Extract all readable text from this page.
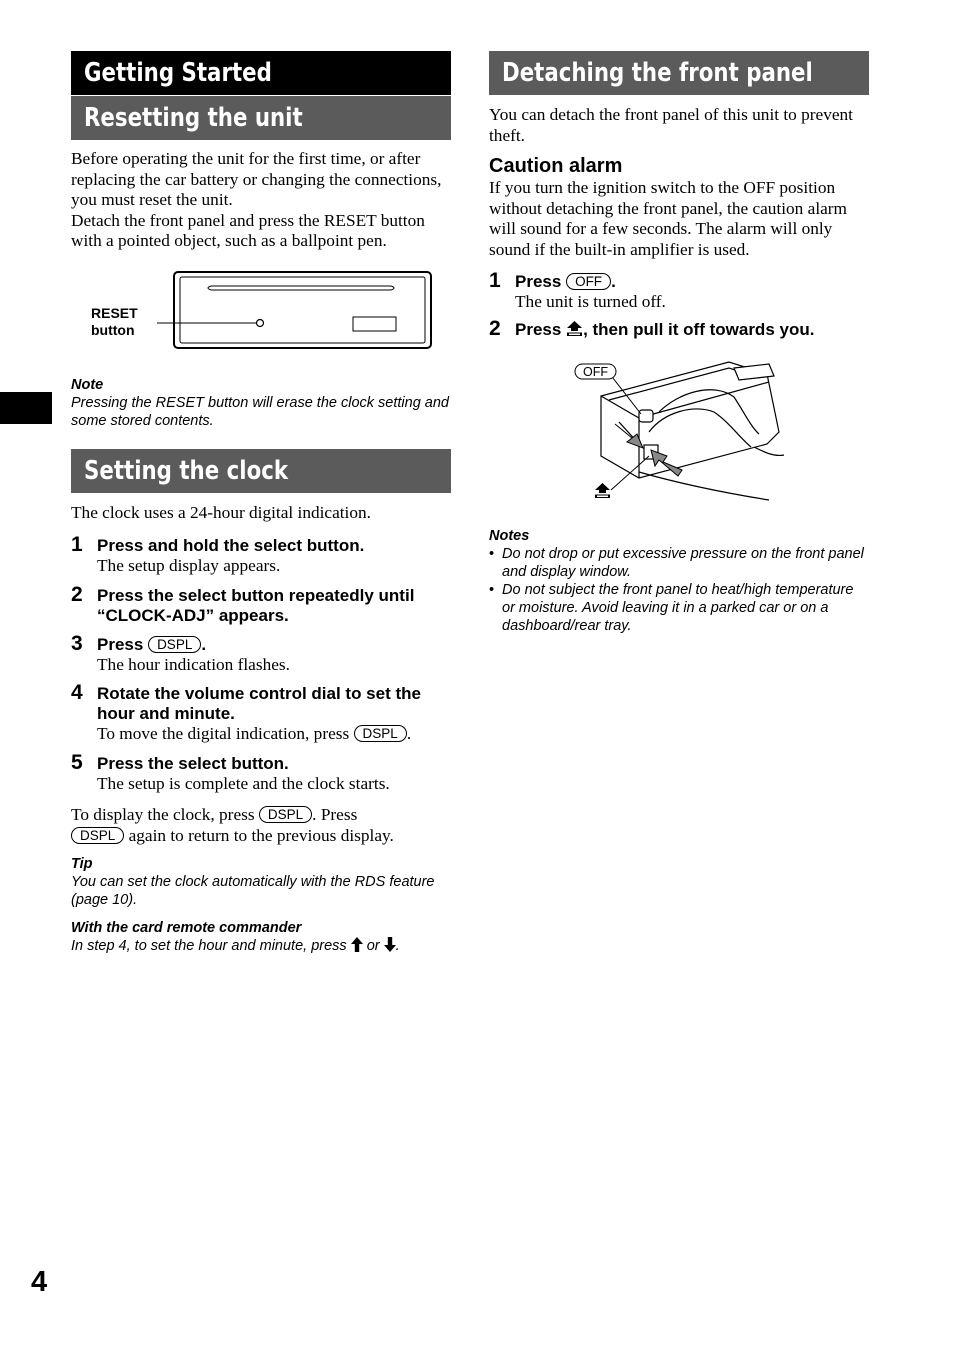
Getting Started
Resetting the unit
Before operating the unit for the first time, or after replacing the car battery or changing the connections, you must reset the unit.
Detach the front panel and press the RESET button with a pointed object, such as a ballpoint pen.
RESET
button
Note
Pressing the RESET button will erase the clock setting and some stored contents.
Setting the clock
The clock uses a 24-hour digital indication.
1 Press and hold the select button.
The setup display appears.
2 Press the select button repeatedly until “CLOCK-ADJ” appears.
3 Press DSPL .
The hour indication flashes.
4 Rotate the volume control dial to set the hour and minute.
To move the digital indication, press DSPL .
5 Press the select button.
The setup is complete and the clock starts.
To display the clock, press DSPL . Press
DSPL again to return to the previous display.
Tip
You can set the clock automatically with the RDS feature (page 10).
With the card remote commander
In step 4, to set the hour and minute, press or .
Detaching the front panel
You can detach the front panel of this unit to prevent theft.
Caution alarm
If you turn the ignition switch to the OFF position without detaching the front panel, the caution alarm will sound for a few seconds. The alarm will only sound if the built-in amplifier is used.
1 Press OFF .
The unit is turned off.
2 Press , then pull it off towards you.
OFF
Notes
• Do not drop or put excessive pressure on the front panel and display window.
• Do not subject the front panel to heat/high temperature or moisture. Avoid leaving it in a parked car or on a dashboard/rear tray.
4
